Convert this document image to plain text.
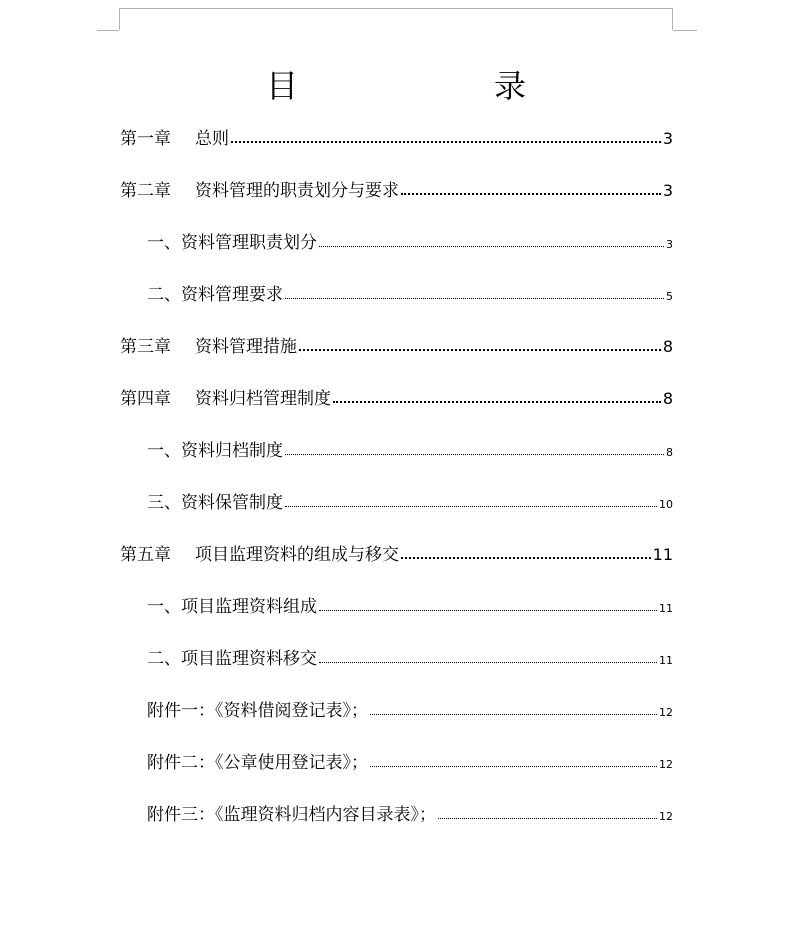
目　　录
第一章	总则	3
第二章	资料管理的职责划分与要求	3
一、资料管理职责划分	3
二、资料管理要求	5
第三章	资料管理措施	8
第四章	资料归档管理制度	8
一、资料归档制度	8
三、资料保管制度	10
第五章	项目监理资料的组成与移交	11
一、项目监理资料组成	11
二、项目监理资料移交	11
附件一：《资料借阅登记表》；	12
附件二：《公章使用登记表》；	12
附件三：《监理资料归档内容目录表》；	12
